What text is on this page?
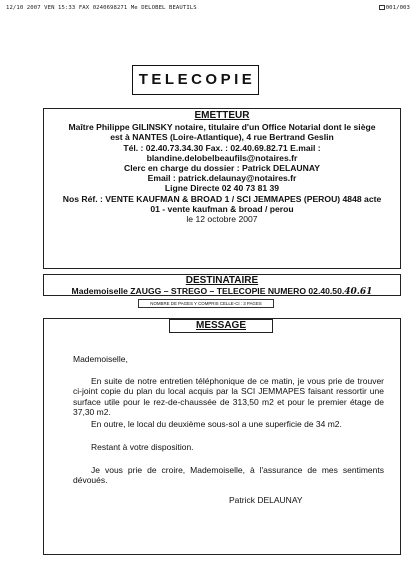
12/10 2007 VEN 15:33 FAX 0240698271 Me DELOBEL BEAUTILS	001/003
TELECOPIE
EMETTEUR
Maître Philippe GILINSKY notaire, titulaire d'un Office Notarial dont le siège
est à NANTES (Loire-Atlantique), 4 rue Bertrand Geslin
Tél. : 02.40.73.34.30 Fax. : 02.40.69.82.71 E.mail :
blandine.delobelbeaufils@notaires.fr
Clerc en charge du dossier : Patrick DELAUNAY
Email : patrick.delaunay@notaires.fr
Ligne Directe 02 40 73 81 39
Nos Réf. : VENTE KAUFMAN & BROAD 1 / SCI JEMMAPES (PEROU) 4848 acte
01 - vente kaufman & broad / perou
le 12 octobre 2007
DESTINATAIRE
Mademoiselle ZAUGG – STREGO – TELECOPIE NUMERO 02.40.50.40.61
NOMBRE DE PAGES Y COMPRIS CELLE-CI : 3 PAGES
MESSAGE
Mademoiselle,
En suite de notre entretien téléphonique de ce matin, je vous prie de trouver ci-joint copie du plan du local acquis par la SCI JEMMAPES faisant ressortir une surface utile pour le rez-de-chaussée de 313,50 m2 et pour le premier étage de 37,30 m2.
En outre, le local du deuxième sous-sol a une superficie de 34 m2.
Restant à votre disposition.
Je vous prie de croire, Mademoiselle, à l'assurance de mes sentiments dévoués.
Patrick DELAUNAY
